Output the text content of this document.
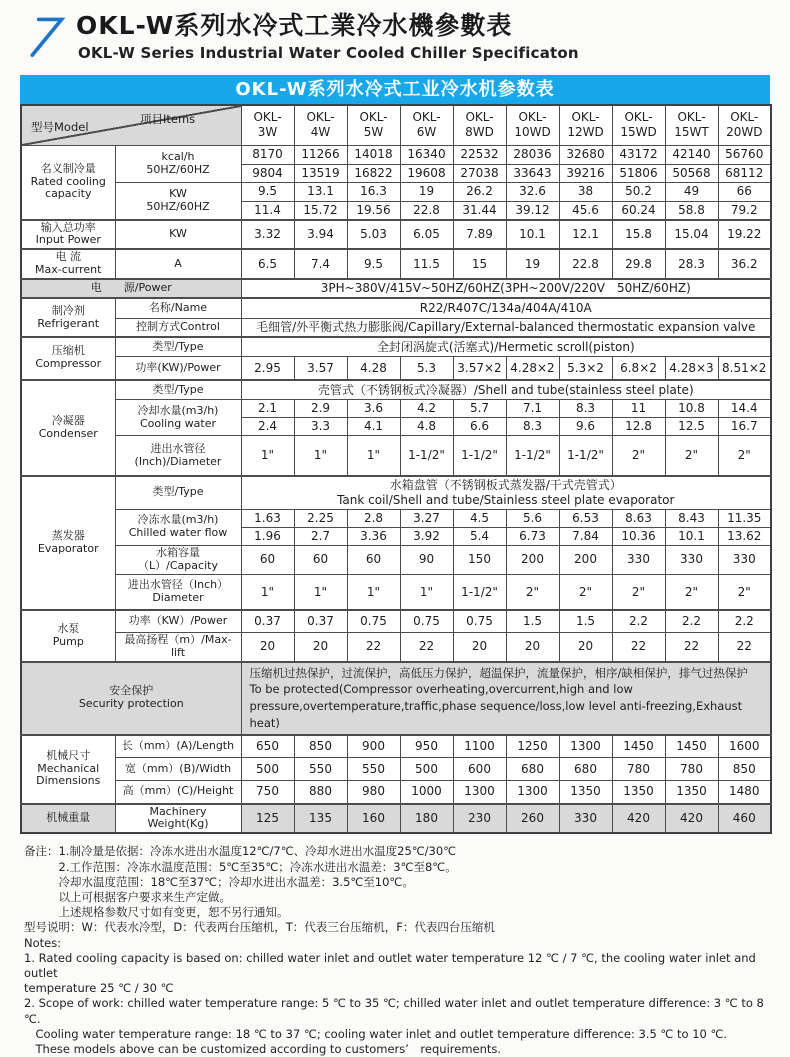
OKL-W系列水冷式工業冷水機參數表
OKL-W Series Industrial Water Cooled Chiller Specificaton
OKL-W系列水冷式工业冷水机参数表
型号Model
项目Items		OKL-
3W	OKL-
4W	OKL-
5W	OKL-
6W	OKL-
8WD	OKL-
10WD	OKL-
12WD	OKL-
15WD	OKL-
15WT	OKL-
20WD
名义制冷量
Rated cooling
capacity	kcal/h
50HZ/60HZ	8170	11266	14018	16340	22532	28036	32680	43172	42140	56760
		9804	13519	16822	19608	27038	33643	39216	51806	50568	68112
	KW
50HZ/60HZ	9.5	13.1	16.3	19	26.2	32.6	38	50.2	49	66
		11.4	15.72	19.56	22.8	31.44	39.12	45.6	60.24	58.8	79.2
输入总功率
Input Power	KW	3.32	3.94	5.03	6.05	7.89	10.1	12.1	15.8	15.04	19.22
电 流
Max-current	A	6.5	7.4	9.5	11.5	15	19	22.8	29.8	28.3	36.2
电　　源/Power		3PH~380V/415V~50HZ/60HZ(3PH~200V/220V　50HZ/60HZ)									
制冷剂
Refrigerant	名称/Name	R22/R407C/134a/404A/410A									
	控制方式Control	毛细管/外平衡式热力膨胀阀/Capillary/External-balanced thermostatic expansion valve									
压缩机
Compressor	类型/Type	全封闭涡旋式(活塞式)/Hermetic scroll(piston)									
	功率(KW)/Power	2.95	3.57	4.28	5.3	3.57×2	4.28×2	5.3×2	6.8×2	4.28×3	8.51×2
冷凝器
Condenser	类型/Type	壳管式（不锈钢板式冷凝器）/Shell and tube(stainless steel plate)									
	冷却水量(m3/h)
Cooling water	2.1	2.9	3.6	4.2	5.7	7.1	8.3	11	10.8	14.4
		2.4	3.3	4.1	4.8	6.6	8.3	9.6	12.8	12.5	16.7
	进出水管径
(Inch)/Diameter	1"	1"	1"	1-1/2"	1-1/2"	1-1/2"	1-1/2"	2"	2"	2"
蒸发器
Evaporator	类型/Type	水箱盘管（不锈钢板式蒸发器/干式壳管式）
Tank coil/Shell and tube/Stainless steel plate evaporator									
	冷冻水量(m3/h)
Chilled water flow	1.63	2.25	2.8	3.27	4.5	5.6	6.53	8.63	8.43	11.35
		1.96	2.7	3.36	3.92	5.4	6.73	7.84	10.36	10.1	13.62
	水箱容量（L）/Capacity	60	60	60	90	150	200	200	330	330	330
	进出水管径（Inch）
Diameter	1"	1"	1"	1"	1-1/2"	2"	2"	2"	2"	2"
水泵
Pump	功率（KW）/Power	0.37	0.37	0.75	0.75	0.75	1.5	1.5	2.2	2.2	2.2
	最高扬程（m）/Max-lift	20	20	22	22	20	20	20	22	22	22
安全保护
Security protection		压缩机过热保护，过流保护，高低压力保护，超温保护，流量保护，相序/缺相保护，排气过热保护
To be protected(Compressor overheating,overcurrent,high and low
pressure,overtemperature,traffic,phase sequence/loss,low level anti-freezing,Exhaust heat)									
机械尺寸
Mechanical
Dimensions	长（mm）(A)/Length	650	850	900	950	1100	1250	1300	1450	1450	1600
	宽（mm）(B)/Width	500	550	550	500	600	680	680	780	780	850
	高（mm）(C)/Height	750	880	980	1000	1300	1300	1350	1350	1350	1480
机械重量	Machinery Weight(Kg)	125	135	160	180	230	260	330	420	420	460
备注：1.制冷量是依据：冷冻水进出水温度12℃/7℃、冷却水进出水温度25℃/30℃
　　　2.工作范围：冷冻水温度范围：5℃至35℃；冷冻水进出水温差：3℃至8℃。
　　　冷却水温度范围：18℃至37℃；冷却水进出水温差：3.5℃至10℃。
　　　以上可根据客户要求来生产定做。
　　　上述规格参数尺寸如有变更，恕不另行通知。
型号说明：W：代表水冷型，D：代表两台压缩机，T：代表三台压缩机，F：代表四台压缩机
Notes:
1. Rated cooling capacity is based on: chilled water inlet and outlet water temperature 12 ℃ / 7 ℃, the cooling water inlet and outlet
temperature 25 ℃ / 30 ℃
2. Scope of work: chilled water temperature range: 5 ℃ to 35 ℃; chilled water inlet and outlet temperature difference: 3 ℃ to 8 ℃.
　Cooling water temperature range: 18 ℃ to 37 ℃; cooling water inlet and outlet temperature difference: 3.5 ℃ to 10 ℃.
　These models above can be customized according to customers’　requirements.
